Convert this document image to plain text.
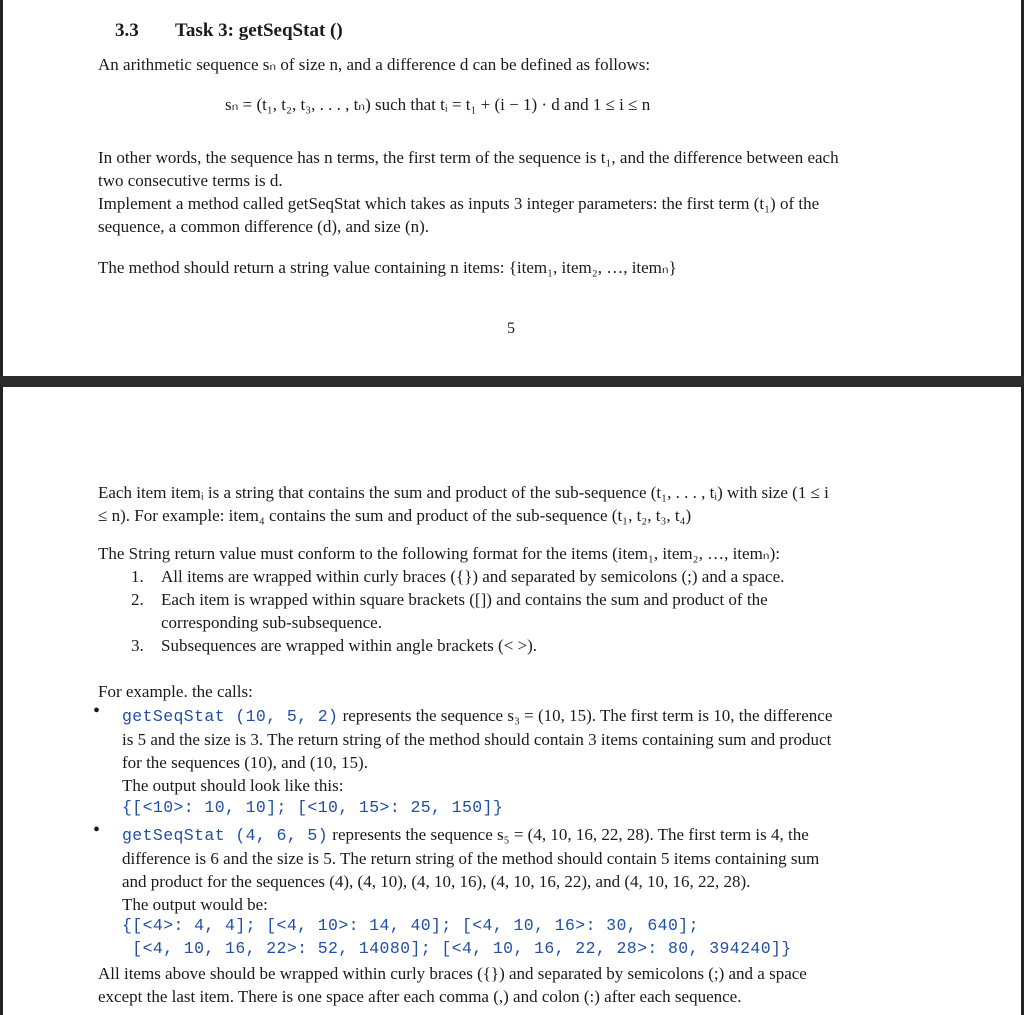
3.3 Task 3: getSeqStat ()
An arithmetic sequence sₙ of size n, and a difference d can be defined as follows:
sₙ = (t₁, t₂, t₃, . . . , tₙ) such that tᵢ = t₁ + (i − 1) · d and 1 ≤ i ≤ n
In other words, the sequence has n terms, the first term of the sequence is t₁, and the difference between each
two consecutive terms is d.
Implement a method called getSeqStat which takes as inputs 3 integer parameters: the first term (t₁) of the
sequence, a common difference (d), and size (n).
The method should return a string value containing n items: {item₁, item₂, …, itemₙ}
5
Each item itemᵢ is a string that contains the sum and product of the sub-sequence (t₁, . . . , tᵢ) with size (1 ≤ i
≤ n). For example: item₄ contains the sum and product of the sub-sequence (t₁, t₂, t₃, t₄)
The String return value must conform to the following format for the items (item₁, item₂, …, itemₙ):
1. All items are wrapped within curly braces ({}) and separated by semicolons (;) and a space.
2. Each item is wrapped within square brackets ([]) and contains the sum and product of the
corresponding sub-subsequence.
3. Subsequences are wrapped within angle brackets (< >).
For example. the calls:
• getSeqStat (10, 5, 2) represents the sequence s₃ = (10, 15). The first term is 10, the difference
is 5 and the size is 3. The return string of the method should contain 3 items containing sum and product
for the sequences (10), and (10, 15).
The output should look like this:
{[<10>: 10, 10]; [<10, 15>: 25, 150]}
• getSeqStat (4, 6, 5) represents the sequence s₅ = (4, 10, 16, 22, 28). The first term is 4, the
difference is 6 and the size is 5. The return string of the method should contain 5 items containing sum
and product for the sequences (4), (4, 10), (4, 10, 16), (4, 10, 16, 22), and (4, 10, 16, 22, 28).
The output would be:
{[<4>: 4, 4]; [<4, 10>: 14, 40]; [<4, 10, 16>: 30, 640];
[<4, 10, 16, 22>: 52, 14080]; [<4, 10, 16, 22, 28>: 80, 394240]}
All items above should be wrapped within curly braces ({}) and separated by semicolons (;) and a space
except the last item. There is one space after each comma (,) and colon (:) after each sequence.
